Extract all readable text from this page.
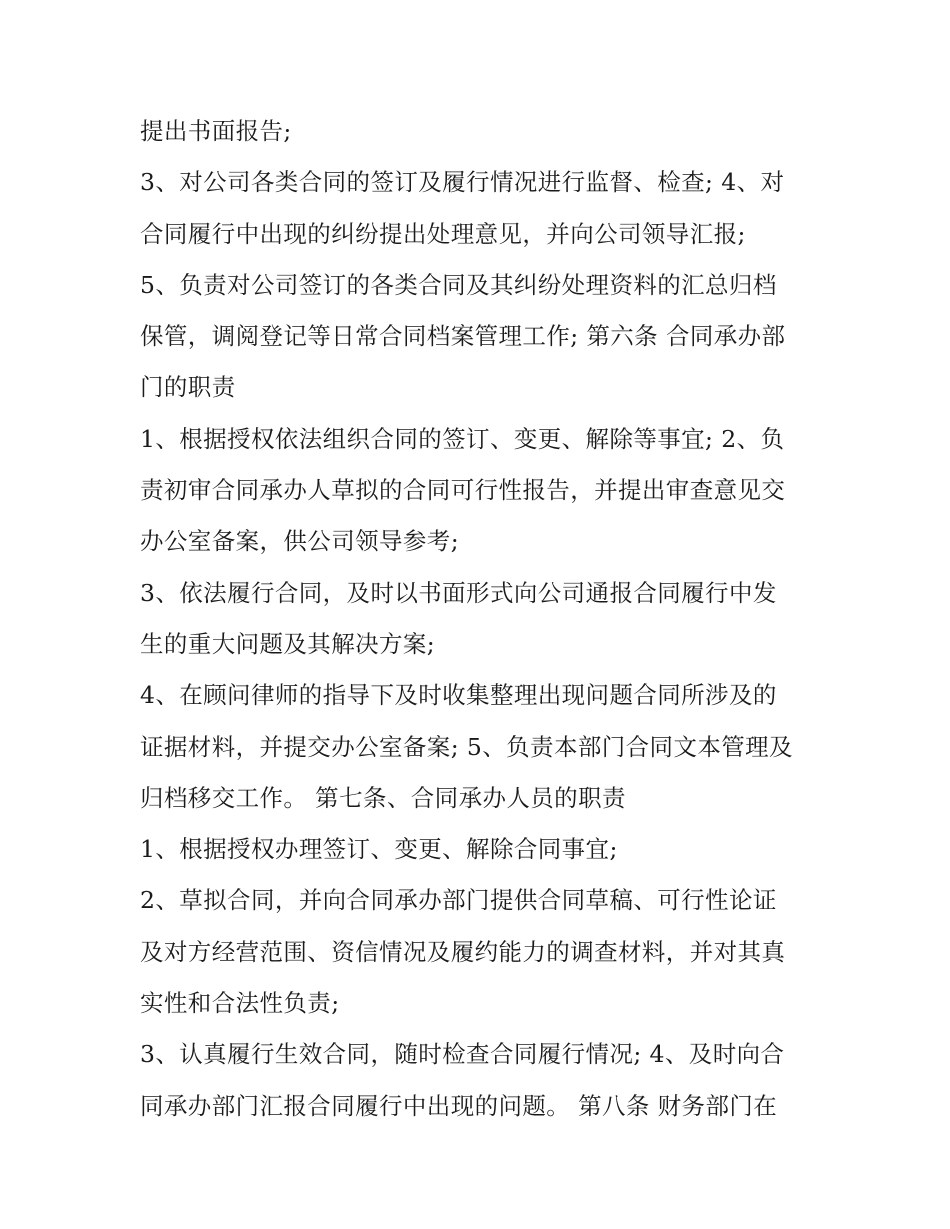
提出书面报告;
3、对公司各类合同的签订及履行情况进行监督、检查; 4、对
合同履行中出现的纠纷提出处理意见，并向公司领导汇报;
5、负责对公司签订的各类合同及其纠纷处理资料的汇总归档
保管，调阅登记等日常合同档案管理工作; 第六条 合同承办部
门的职责
1、根据授权依法组织合同的签订、变更、解除等事宜; 2、负
责初审合同承办人草拟的合同可行性报告，并提出审查意见交
办公室备案，供公司领导参考;
3、依法履行合同，及时以书面形式向公司通报合同履行中发
生的重大问题及其解决方案;
4、在顾问律师的指导下及时收集整理出现问题合同所涉及的
证据材料，并提交办公室备案; 5、负责本部门合同文本管理及
归档移交工作。 第七条、合同承办人员的职责
1、根据授权办理签订、变更、解除合同事宜;
2、草拟合同，并向合同承办部门提供合同草稿、可行性论证
及对方经营范围、资信情况及履约能力的调查材料，并对其真
实性和合法性负责;
3、认真履行生效合同，随时检查合同履行情况; 4、及时向合
同承办部门汇报合同履行中出现的问题。 第八条 财务部门在
